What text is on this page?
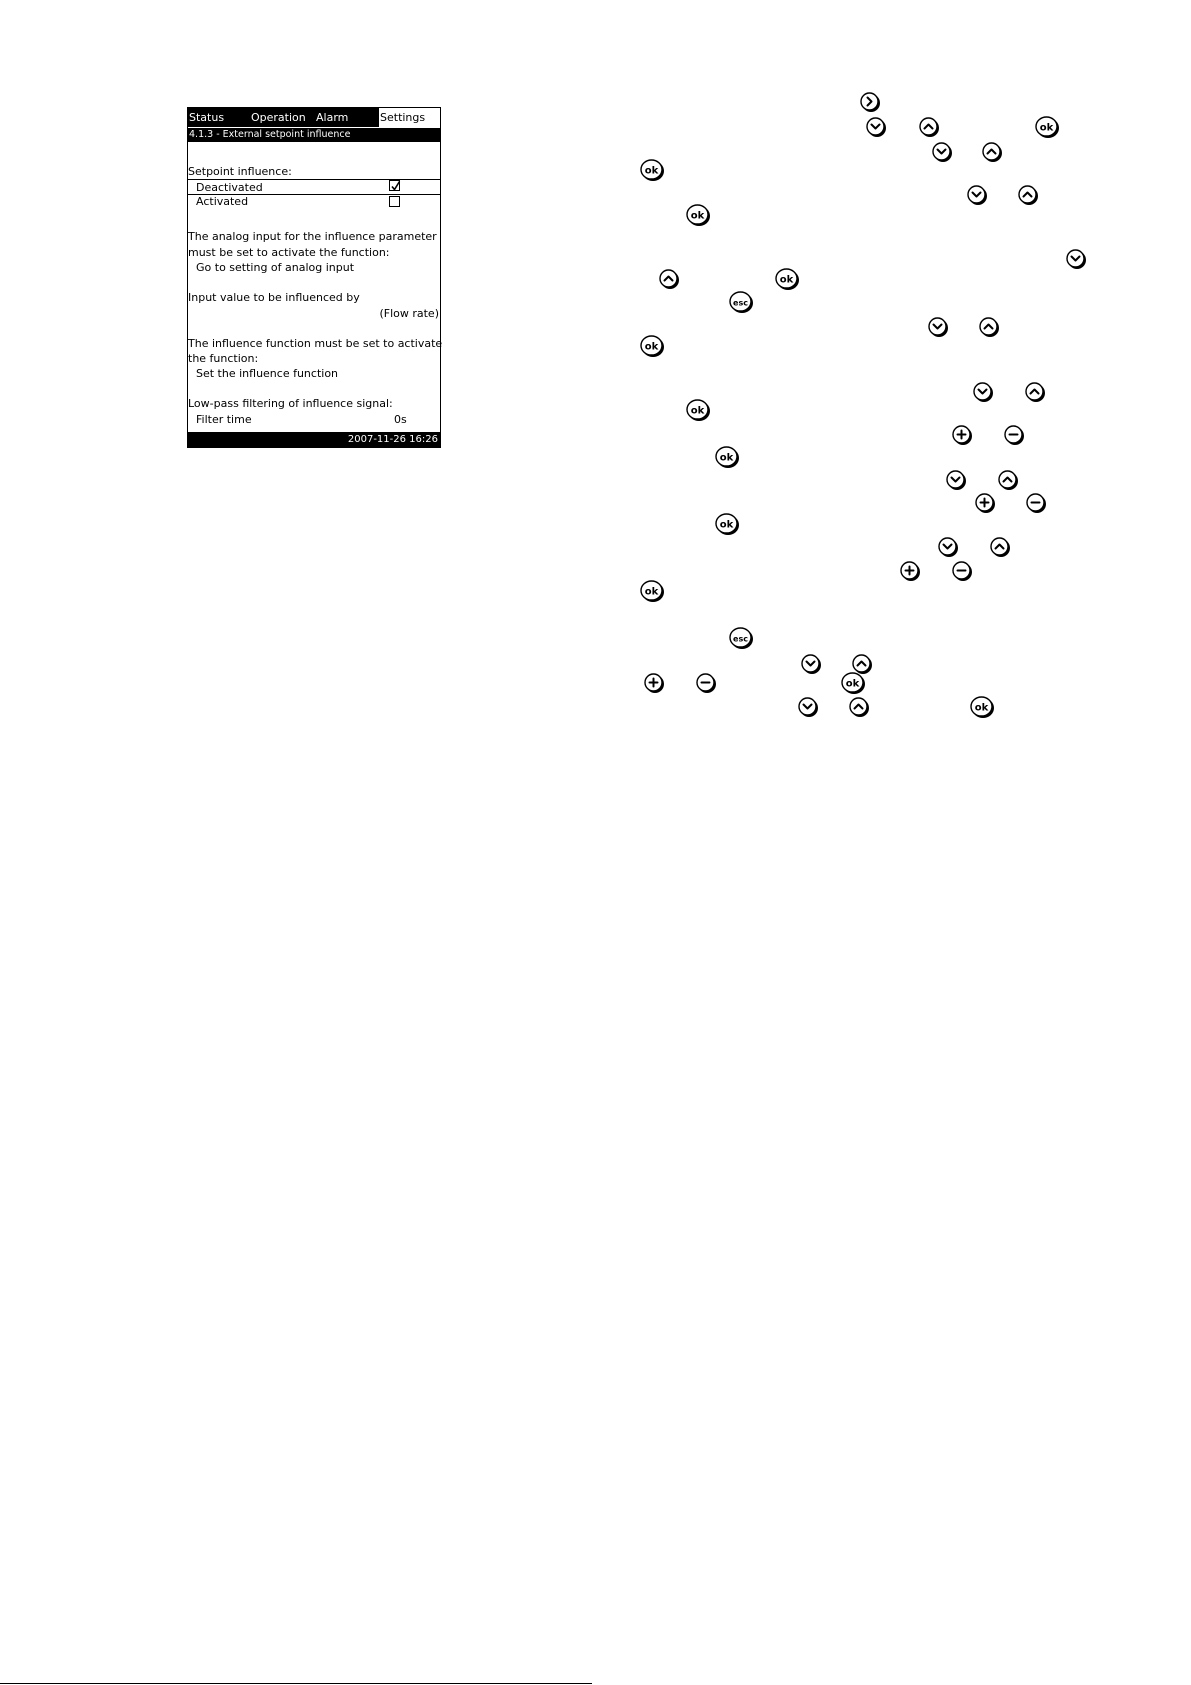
Status Operation Alarm	Settings
4.1.3 - External setpoint influence
Setpoint influence:
Deactivated
Activated
The analog input for the influence parameter
must be set to activate the function:
Go to setting of analog input
Input value to be influenced by
(Flow rate)
The influence function must be set to activate
the function:
Set the influence function
Low-pass filtering of influence signal:
Filter time	0s
2007-11-26 16:26
ok
ok
ok
ok
esc
ok
ok
ok
ok
ok
esc
ok
ok
